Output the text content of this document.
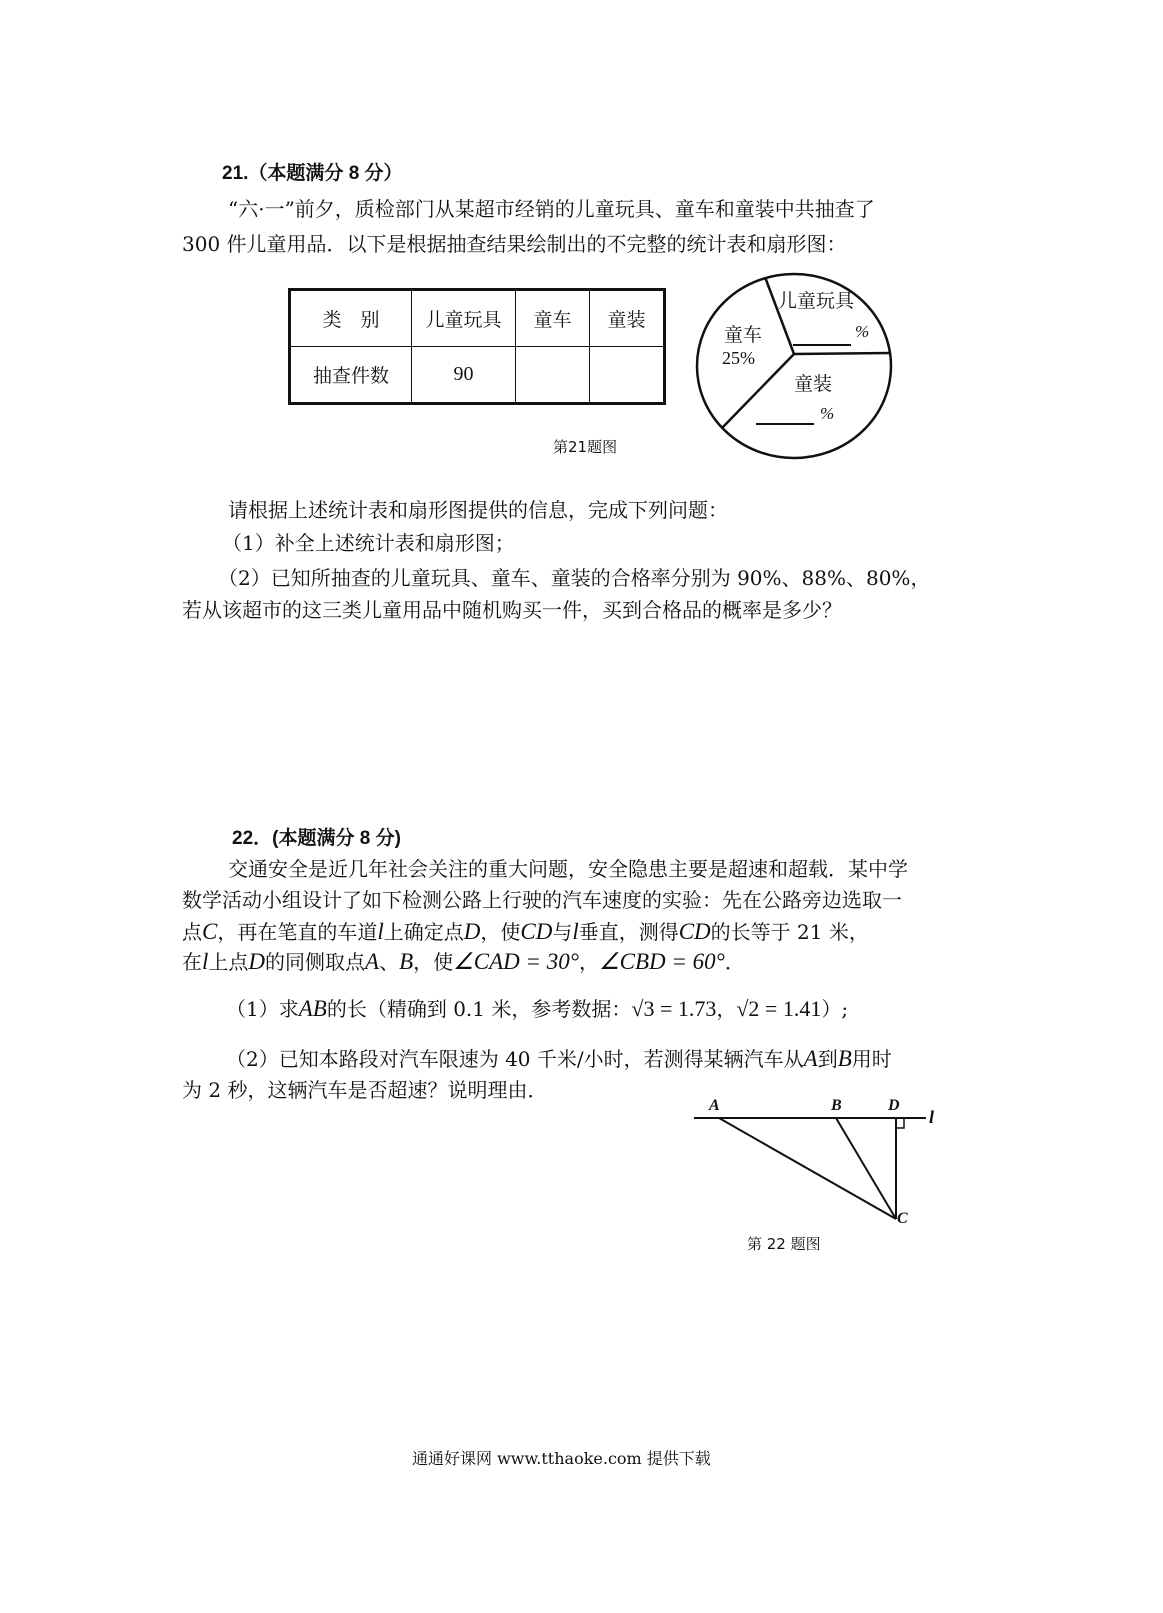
21.（本题满分 8 分）
“六·一”前夕，质检部门从某超市经销的儿童玩具、童车和童装中共抽查了
300 件儿童用品．以下是根据抽查结果绘制出的不完整的统计表和扇形图：
类　别	儿童玩具	童车	童装
抽查件数	90		
儿童玩具
%
童车
25%
童装
%
第21题图
请根据上述统计表和扇形图提供的信息，完成下列问题：
（1）补全上述统计表和扇形图；
（2）已知所抽查的儿童玩具、童车、童装的合格率分别为 90%、88%、80%，
若从该超市的这三类儿童用品中随机购买一件，买到合格品的概率是多少？
22．(本题满分 8 分)
交通安全是近几年社会关注的重大问题，安全隐患主要是超速和超载．某中学
数学活动小组设计了如下检测公路上行驶的汽车速度的实验：先在公路旁边选取一
点C，再在笔直的车道l上确定点D，使CD与l垂直，测得CD的长等于 21 米，
在l上点D的同侧取点A、B，使∠CAD = 30°，∠CBD = 60°．
（1）求AB的长（精确到 0.1 米，参考数据：√3 = 1.73，√2 = 1.41）;
（2）已知本路段对汽车限速为 40 千米/小时，若测得某辆汽车从A到B用时
为 2 秒，这辆汽车是否超速？说明理由．
A	B	D
l
C
第 22 题图
通通好课网 www.tthaoke.com 提供下载
